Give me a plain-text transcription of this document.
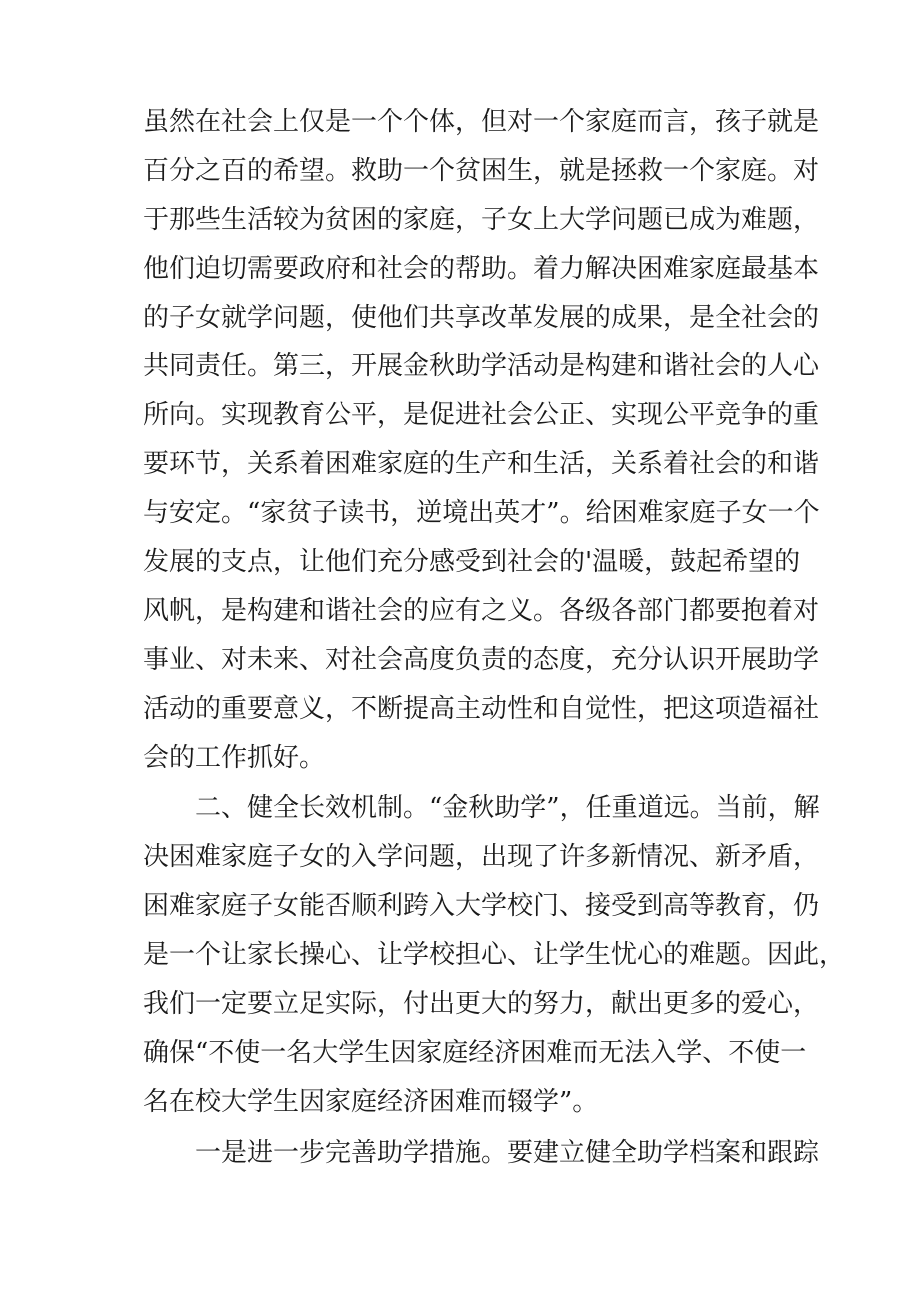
虽然在社会上仅是一个个体，但对一个家庭而言，孩子就是
百分之百的希望。救助一个贫困生，就是拯救一个家庭。对
于那些生活较为贫困的家庭，子女上大学问题已成为难题，
他们迫切需要政府和社会的帮助。着力解决困难家庭最基本
的子女就学问题，使他们共享改革发展的成果，是全社会的
共同责任。第三，开展金秋助学活动是构建和谐社会的人心
所向。实现教育公平，是促进社会公正、实现公平竞争的重
要环节，关系着困难家庭的生产和生活，关系着社会的和谐
与安定。“家贫子读书，逆境出英才”。给困难家庭子女一个
发展的支点，让他们充分感受到社会的'温暖，鼓起希望的
风帆，是构建和谐社会的应有之义。各级各部门都要抱着对
事业、对未来、对社会高度负责的态度，充分认识开展助学
活动的重要意义，不断提高主动性和自觉性，把这项造福社
会的工作抓好。
　　二、健全长效机制。“金秋助学”，任重道远。当前，解
决困难家庭子女的入学问题，出现了许多新情况、新矛盾，
困难家庭子女能否顺利跨入大学校门、接受到高等教育，仍
是一个让家长操心、让学校担心、让学生忧心的难题。因此，
我们一定要立足实际，付出更大的努力，献出更多的爱心，
确保“不使一名大学生因家庭经济困难而无法入学、不使一
名在校大学生因家庭经济困难而辍学”。
　　一是进一步完善助学措施。要建立健全助学档案和跟踪
